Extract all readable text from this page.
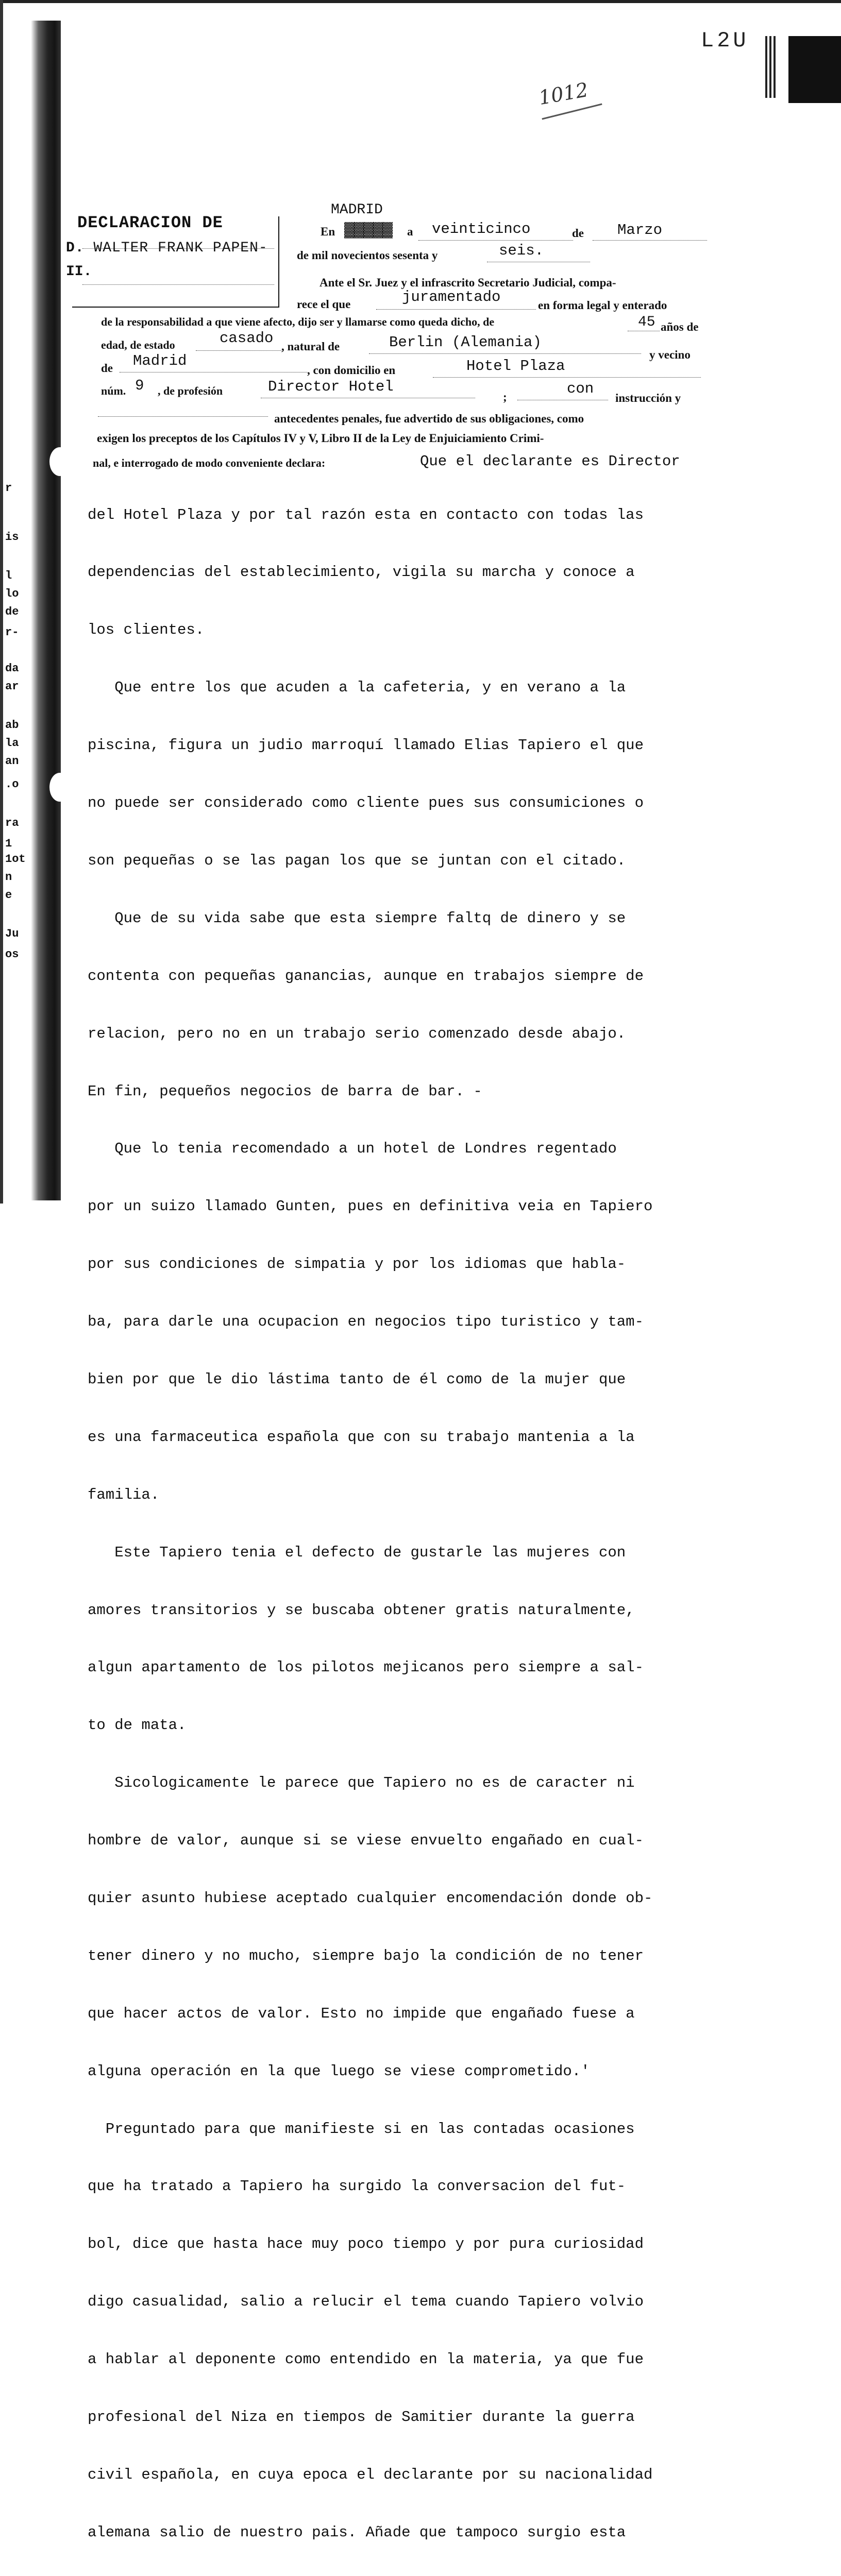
r
is
l
lo
de
r-
da
ar
ab
la
an
.o
ra
1
1ot
n
e
Ju
os
L2U
1012
DECLARACION DE
D. WALTER FRANK PAPEN-
II.
MADRID
En ▓▓▓▓▓ a veinticinco	de Marzo
de mil novecientos sesenta y	seis.
Ante el Sr. Juez y el infrascrito Secretario Judicial, compa-
rece el que	juramentado	en forma legal y enterado
de la responsabilidad a que viene afecto, dijo ser y llamarse como queda dicho, de	45 años de
edad, de estado	casado , natural de	Berlin (Alemania)
y vecino
de Madrid
, con domicilio en	Hotel Plaza
núm. 9 , de profesión	Director Hotel
;	con
instrucción y
antecedentes penales, fue advertido de sus obligaciones, como
exigen los preceptos de los Capítulos IV y V, Libro II de la Ley de Enjuiciamiento Crimi-
nal, e interrogado de modo conveniente declara:	Que el declarante es Director

del Hotel Plaza y por tal razón esta en contacto con todas las

dependencias del establecimiento, vigila su marcha y conoce a

los clientes.

Que entre los que acuden a la cafeteria, y en verano a la

piscina, figura un judio marroquí llamado Elias Tapiero el que

no puede ser considerado como cliente pues sus consumiciones o

son pequeñas o se las pagan los que se juntan con el citado.

Que de su vida sabe que esta siempre faltq de dinero y se

contenta con pequeñas ganancias, aunque en trabajos siempre de

relacion, pero no en un trabajo serio comenzado desde abajo.

En fin, pequeños negocios de barra de bar. -

Que lo tenia recomendado a un hotel de Londres regentado

por un suizo llamado Gunten, pues en definitiva veia en Tapiero

por sus condiciones de simpatia y por los idiomas que habla-

ba, para darle una ocupacion en negocios tipo turistico y tam-

bien por que le dio lástima tanto de él como de la mujer que

es una farmaceutica española que con su trabajo mantenia a la

familia.

Este Tapiero tenia el defecto de gustarle las mujeres con

amores transitorios y se buscaba obtener gratis naturalmente,

algun apartamento de los pilotos mejicanos pero siempre a sal-

to de mata.

Sicologicamente le parece que Tapiero no es de caracter ni

hombre de valor, aunque si se viese envuelto engañado en cual-

quier asunto hubiese aceptado cualquier encomendación donde ob-

tener dinero y no mucho, siempre bajo la condición de no tener

que hacer actos de valor. Esto no impide que engañado fuese a

alguna operación en la que luego se viese comprometido.'

Preguntado para que manifieste si en las contadas ocasiones

que ha tratado a Tapiero ha surgido la conversacion del fut-

bol, dice que hasta hace muy poco tiempo y por pura curiosidad

digo casualidad, salio a relucir el tema cuando Tapiero volvio

a hablar al deponente como entendido en la materia, ya que fue

profesional del Niza en tiempos de Samitier durante la guerra

civil española, en cuya epoca el declarante por su nacionalidad

alemana salio de nuestro pais. Añade que tampoco surgio esta
